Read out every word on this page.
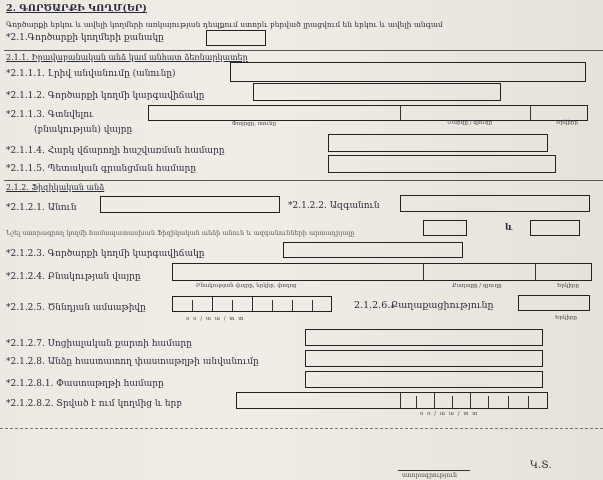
2. ԳՈՐԾԱՐՔԻ ԿՈՂՄ(ԵՐ)
Գործարքի երկու և ավելի կողմերի առկայության դեպքում ստորև բերված լրացվում են երկու և ավելի անգամ
*2.1.Գործարքի կողմերի քանակը
2.1.1. Իրավաբանական անձ կամ անհատ ձեռնարկատեր
*2.1.1.1. Լրիվ անվանումը (անունը)
*2.1.1.2. Գործարքի կողմի կարգավիճակը
*2.1.1.3. Գտնվելու
(բնակության) վայրը
Փողոցը, տունը	Մարզը / գյուղը	Երկիրը
*2.1.1.4. Հարկ վճարողի հաշվառման համարը
*2.1.1.5. Պետական գրանցման համարը
2.1.2. Ֆիզիկական անձ
*2.1.2.1. Անուն	*2.1.2.2. Ազգանուն
Նշել ստորագրող կողմի համապատասխան Ֆիզիկական անձի անուն և ազգանունների արտադրյալը	և
*2.1.2.3. Գործարքի կողմի կարգավիճակը
*2.1.2.4. Բնակության վայրը
Բնակության վայրը, երկիր, փողոց	Քաղաքը / գյուղը	Երկիրը
*2.1.2.5. Ծննդյան ամսաթիվը
օ օ / ա ա / տ տ
2.1.2.6.Քաղաքացիությունը
Երկիրը
*2.1.2.7. Սոցիալական քարտի համարը
*2.1.2.8. Անձը հաստատող փաստաթղթի անվանումը
*2.1.2.8.1. Փաստաթղթի համարը
*2.1.2.8.2. Տրված է ում կողմից և երբ
օ օ / ա ա / տ տ
ստորագրություն
Կ.Տ.
